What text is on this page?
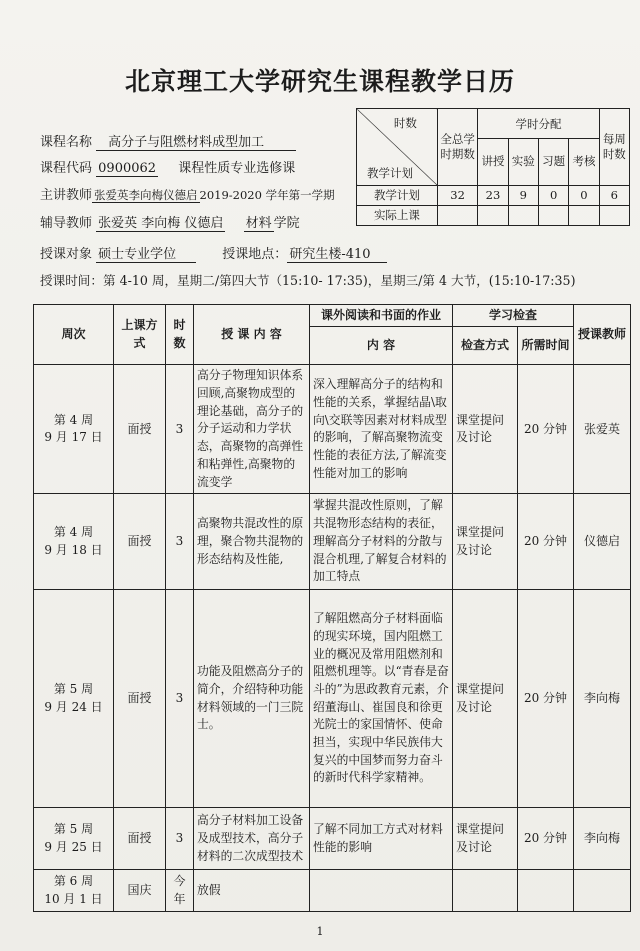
北京理工大学研究生课程教学日历
课程名称 高分子与阻燃材料成型加工
课程代码 0900062 课程性质专业选修课
主讲教师 张爱英李向梅仪德启 2019-2020 学年第一学期
辅导教师 张爱英 李向梅 仪德启 材料 学院
授课对象 硕士专业学位	授课地点： 研究生楼-410
授课时间：第 4-10 周，星期二/第四大节（15:10- 17:35)，星期三/第 4 大节，(15:10-17:35)
时数
教学计划	全总学时期数	学时分配				每周时数
		讲授	实验	习题	考核	
教学计划	32	23	9	0	0	6
实际上课						
周次	上课方式	时数	授 课 内 容	课外阅读和书面的作业	学习检查		授课教师
				内 容	检查方式	所需时间	
第 4 周
9 月 17 日	面授	3	高分子物理知识体系回顾,高聚物成型的理论基础，高分子的分子运动和力学状态，高聚物的高弹性和粘弹性,高聚物的流变学	深入理解高分子的结构和性能的关系，掌握结晶\取向\交联等因素对材料成型的影响，了解高聚物流变性能的表征方法,了解流变性能对加工的影响	课堂提问及讨论	20 分钟	张爱英
第 4 周
9 月 18 日	面授	3	高聚物共混改性的原理，聚合物共混物的形态结构及性能,	掌握共混改性原则，了解共混物形态结构的表征，理解高分子材料的分散与混合机理,了解复合材料的加工特点	课堂提问及讨论	20 分钟	仪德启
第 5 周
9 月 24 日	面授	3	功能及阻燃高分子的简介，介绍特种功能材料领域的一门三院士。	了解阻燃高分子材料面临的现实环境，国内阻燃工业的概况及常用阻燃剂和阻燃机理等。以“青春是奋斗的”为思政教育元素，介绍董海山、崔国良和徐更光院士的家国情怀、使命担当，实现中华民族伟大复兴的中国梦而努力奋斗的新时代科学家精神。	课堂提问及讨论	20 分钟	李向梅
第 5 周
9 月 25 日	面授	3	高分子材料加工设备及成型技术，高分子材料的二次成型技术	了解不同加工方式对材料性能的影响	课堂提问及讨论	20 分钟	李向梅
第 6 周
10 月 1 日	国庆	今年	放假				
1
